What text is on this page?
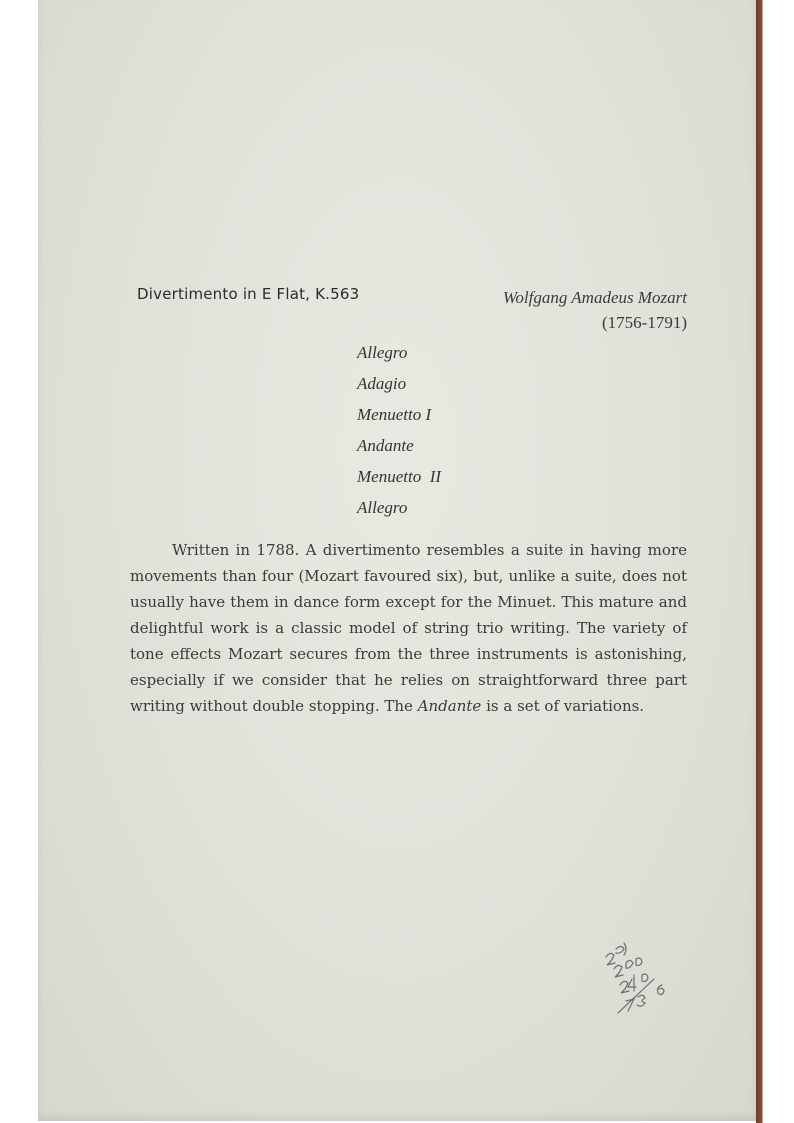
Divertimento in E Flat, K.563	Wolfgang Amadeus Mozart
(1756-1791)
Allegro
Adagio
Menuetto I
Andante
Menuetto  II
Allegro

Written in 1788. A divertimento resembles a suite in having more movements than four (Mozart favoured six), but, unlike a suite, does not usually have them in dance form except for the Minuet. This mature and delightful work is a classic model of string trio writing. The variety of tone effects Mozart secures from the three instruments is astonishing, especially if we consider that he relies on straightforward three part writing without double stopping. The Andante is a set of variations.
